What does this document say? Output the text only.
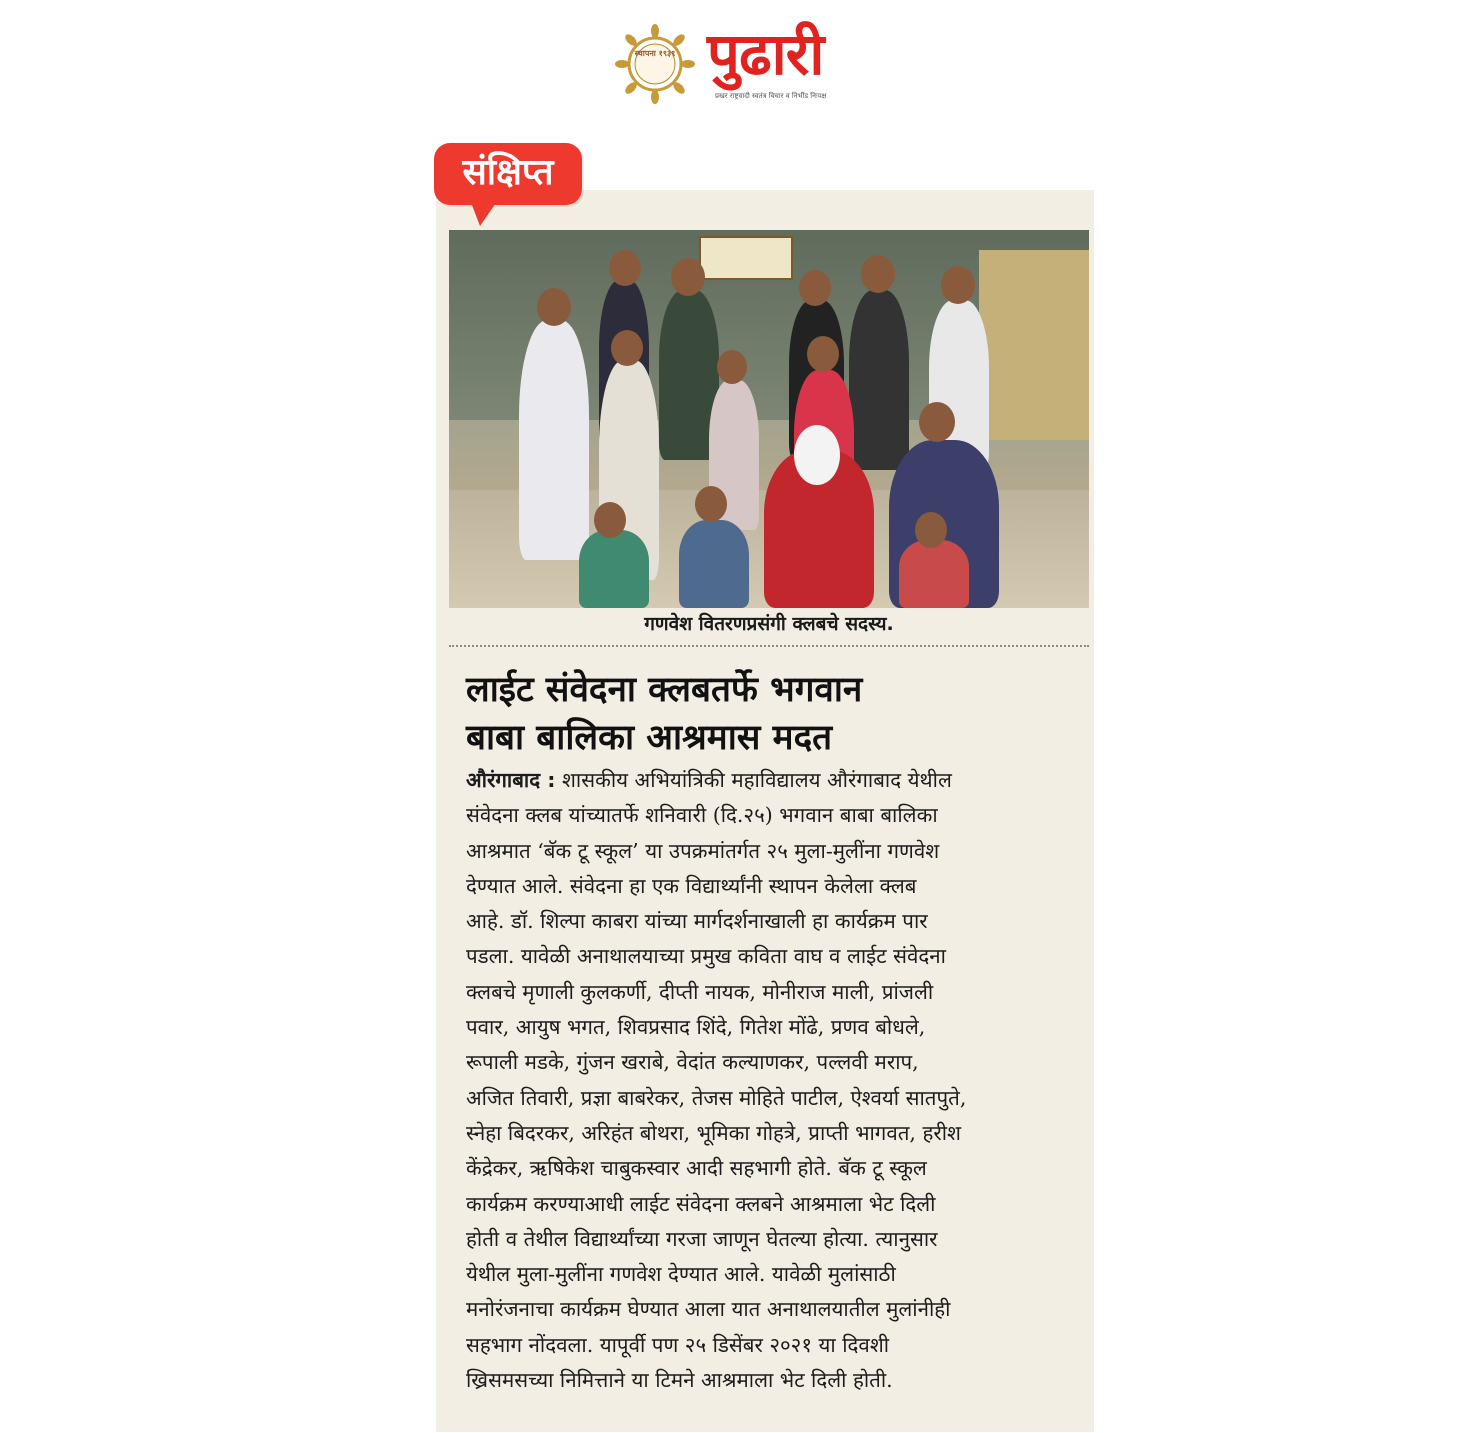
स्थापना १९३९ पुढारी
प्रखर राष्ट्रवादी स्वतंत्र विचार व निर्भीड निःपक्ष
संक्षिप्त
गणवेश वितरणप्रसंगी क्लबचे सदस्य.
लाईट संवेदना क्लबतर्फे भगवान
बाबा बालिका आश्रमास मदत
औरंगाबाद : शासकीय अभियांत्रिकी महाविद्यालय औरंगाबाद येथील
संवेदना क्लब यांच्यातर्फे शनिवारी (दि.२५) भगवान बाबा बालिका
आश्रमात ‘बॅक टू स्कूल’ या उपक्रमांतर्गत २५ मुला-मुलींना गणवेश
देण्यात आले. संवेदना हा एक विद्यार्थ्यांनी स्थापन केलेला क्लब
आहे. डॉ. शिल्पा काबरा यांच्या मार्गदर्शनाखाली हा कार्यक्रम पार
पडला. यावेळी अनाथालयाच्या प्रमुख कविता वाघ व लाईट संवेदना
क्लबचे मृणाली कुलकर्णी, दीप्ती नायक, मोनीराज माली, प्रांजली
पवार, आयुष भगत, शिवप्रसाद शिंदे, गितेश मोंढे, प्रणव बोधले,
रूपाली मडके, गुंजन खराबे, वेदांत कल्याणकर, पल्लवी मराप,
अजित तिवारी, प्रज्ञा बाबरेकर, तेजस मोहिते पाटील, ऐश्वर्या सातपुते,
स्नेहा बिदरकर, अरिहंत बोथरा, भूमिका गोहत्रे, प्राप्ती भागवत, हरीश
केंद्रेकर, ऋषिकेश चाबुकस्वार आदी सहभागी होते. बॅक टू स्कूल
कार्यक्रम करण्याआधी लाईट संवेदना क्लबने आश्रमाला भेट दिली
होती व तेथील विद्यार्थ्यांच्या गरजा जाणून घेतल्या होत्या. त्यानुसार
येथील मुला-मुलींना गणवेश देण्यात आले. यावेळी मुलांसाठी
मनोरंजनाचा कार्यक्रम घेण्यात आला यात अनाथालयातील मुलांनीही
सहभाग नोंदवला. यापूर्वी पण २५ डिसेंबर २०२१ या दिवशी
ख्रिसमसच्या निमित्ताने या टिमने आश्रमाला भेट दिली होती.
